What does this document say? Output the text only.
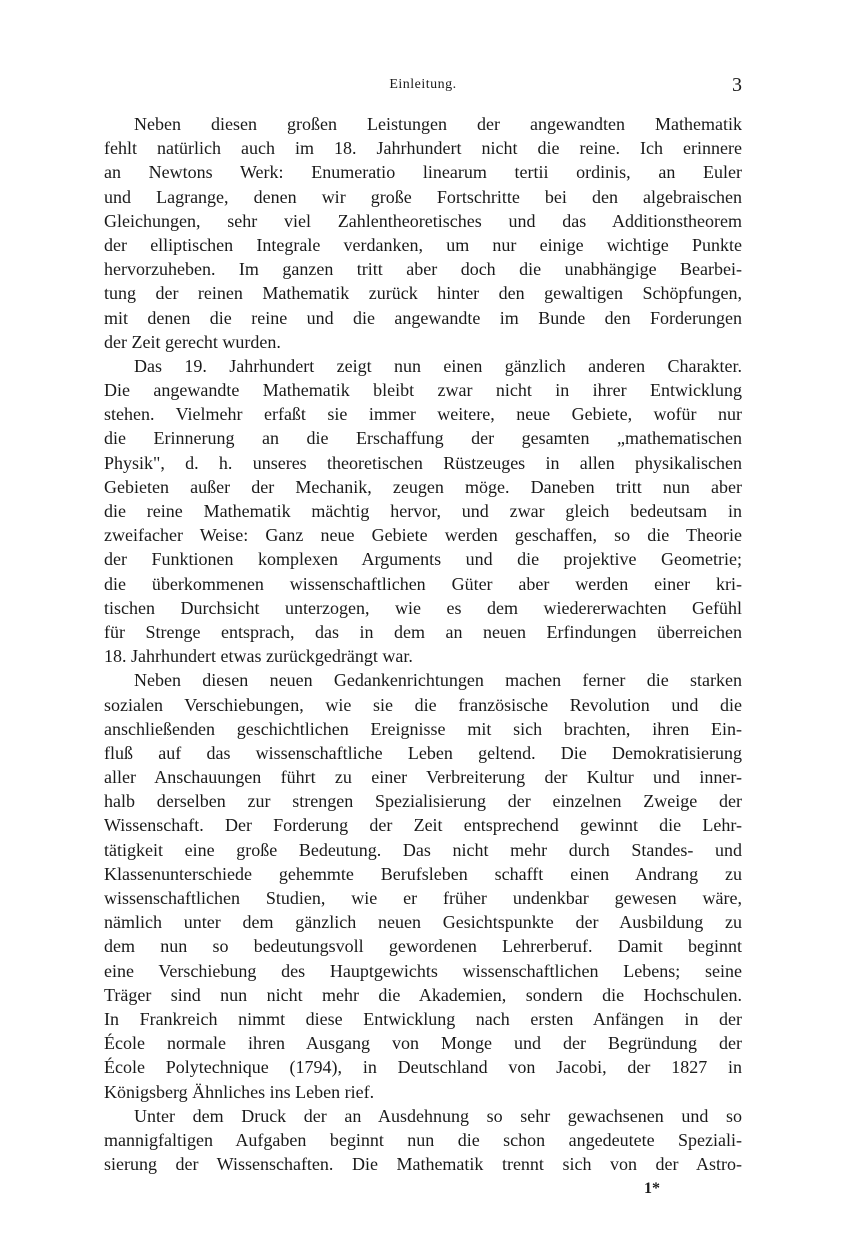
Einleitung.	3
Neben diesen großen Leistungen der angewandten Mathematik
fehlt natürlich auch im 18. Jahrhundert nicht die reine. Ich erinnere
an Newtons Werk: Enumeratio linearum tertii ordinis, an Euler
und Lagrange, denen wir große Fortschritte bei den algebraischen
Gleichungen, sehr viel Zahlentheoretisches und das Additionstheorem
der elliptischen Integrale verdanken, um nur einige wichtige Punkte
hervorzuheben. Im ganzen tritt aber doch die unabhängige Bearbei-
tung der reinen Mathematik zurück hinter den gewaltigen Schöpfungen,
mit denen die reine und die angewandte im Bunde den Forderungen
der Zeit gerecht wurden.
Das 19. Jahrhundert zeigt nun einen gänzlich anderen Charakter.
Die angewandte Mathematik bleibt zwar nicht in ihrer Entwicklung
stehen. Vielmehr erfaßt sie immer weitere, neue Gebiete, wofür nur
die Erinnerung an die Erschaffung der gesamten „mathematischen
Physik", d. h. unseres theoretischen Rüstzeuges in allen physikalischen
Gebieten außer der Mechanik, zeugen möge. Daneben tritt nun aber
die reine Mathematik mächtig hervor, und zwar gleich bedeutsam in
zweifacher Weise: Ganz neue Gebiete werden geschaffen, so die Theorie
der Funktionen komplexen Arguments und die projektive Geometrie;
die überkommenen wissenschaftlichen Güter aber werden einer kri-
tischen Durchsicht unterzogen, wie es dem wiedererwachten Gefühl
für Strenge entsprach, das in dem an neuen Erfindungen überreichen
18. Jahrhundert etwas zurückgedrängt war.
Neben diesen neuen Gedankenrichtungen machen ferner die starken
sozialen Verschiebungen, wie sie die französische Revolution und die
anschließenden geschichtlichen Ereignisse mit sich brachten, ihren Ein-
fluß auf das wissenschaftliche Leben geltend. Die Demokratisierung
aller Anschauungen führt zu einer Verbreiterung der Kultur und inner-
halb derselben zur strengen Spezialisierung der einzelnen Zweige der
Wissenschaft. Der Forderung der Zeit entsprechend gewinnt die Lehr-
tätigkeit eine große Bedeutung. Das nicht mehr durch Standes- und
Klassenunterschiede gehemmte Berufsleben schafft einen Andrang zu
wissenschaftlichen Studien, wie er früher undenkbar gewesen wäre,
nämlich unter dem gänzlich neuen Gesichtspunkte der Ausbildung zu
dem nun so bedeutungsvoll gewordenen Lehrerberuf. Damit beginnt
eine Verschiebung des Hauptgewichts wissenschaftlichen Lebens; seine
Träger sind nun nicht mehr die Akademien, sondern die Hochschulen.
In Frankreich nimmt diese Entwicklung nach ersten Anfängen in der
École normale ihren Ausgang von Monge und der Begründung der
École Polytechnique (1794), in Deutschland von Jacobi, der 1827 in
Königsberg Ähnliches ins Leben rief.
Unter dem Druck der an Ausdehnung so sehr gewachsenen und so
mannigfaltigen Aufgaben beginnt nun die schon angedeutete Speziali-
sierung der Wissenschaften. Die Mathematik trennt sich von der Astro-
1*
